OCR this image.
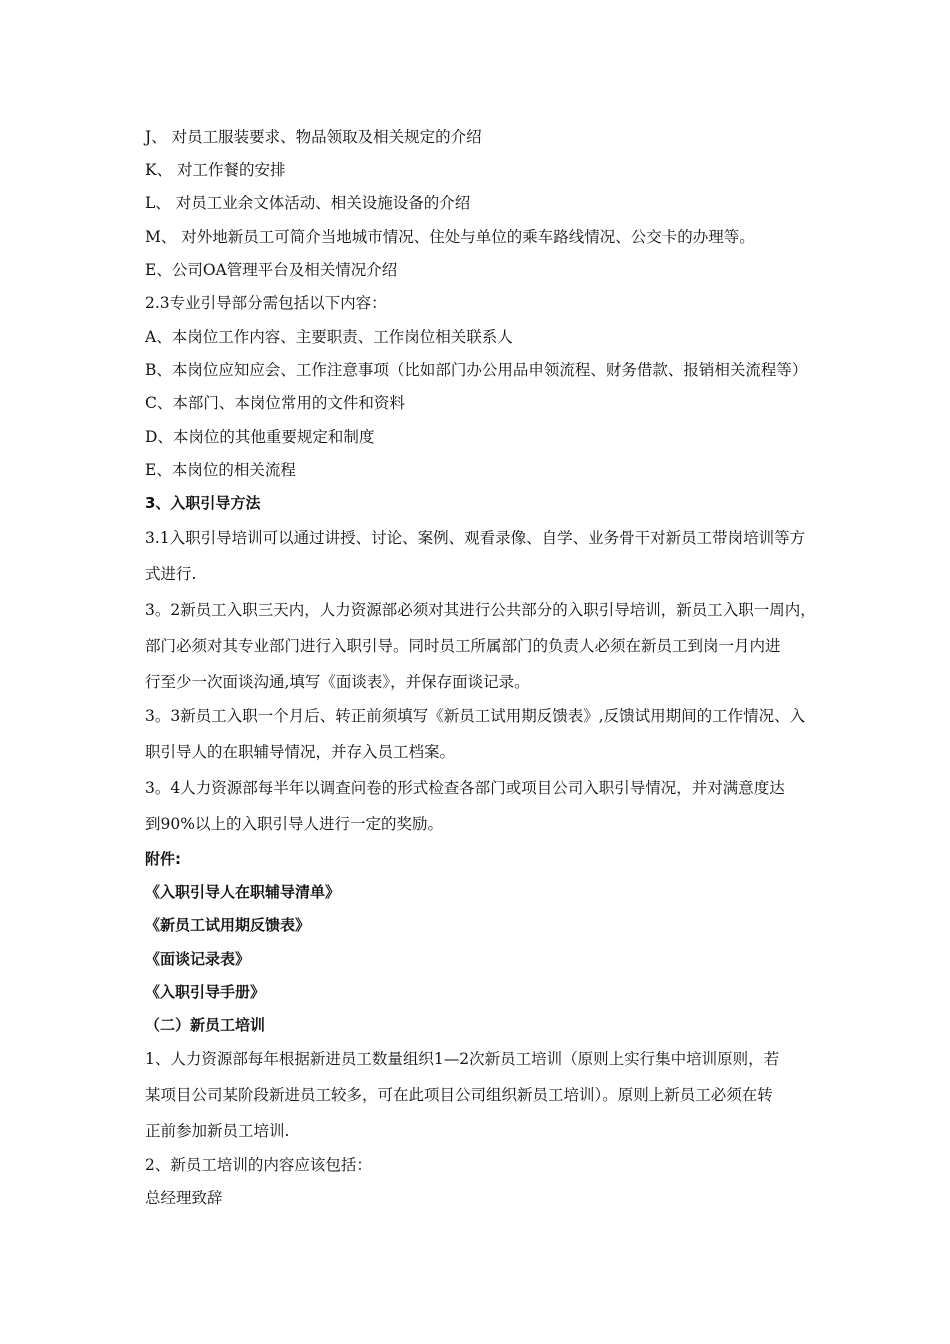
J、 对员工服装要求、物品领取及相关规定的介绍
K、 对工作餐的安排
L、 对员工业余文体活动、相关设施设备的介绍
M、 对外地新员工可简介当地城市情况、住处与单位的乘车路线情况、公交卡的办理等。
E、公司OA管理平台及相关情况介绍
2.3专业引导部分需包括以下内容：
A、本岗位工作内容、主要职责、工作岗位相关联系人
B、本岗位应知应会、工作注意事项（比如部门办公用品申领流程、财务借款、报销相关流程等）
C、本部门、本岗位常用的文件和资料
D、本岗位的其他重要规定和制度
E、本岗位的相关流程
3、入职引导方法
3.1入职引导培训可以通过讲授、讨论、案例、观看录像、自学、业务骨干对新员工带岗培训等方
式进行.
3。2新员工入职三天内，人力资源部必须对其进行公共部分的入职引导培训，新员工入职一周内，
部门必须对其专业部门进行入职引导。同时员工所属部门的负责人必须在新员工到岗一月内进
行至少一次面谈沟通,填写《面谈表》，并保存面谈记录。
3。3新员工入职一个月后、转正前须填写《新员工试用期反馈表》,反馈试用期间的工作情况、入
职引导人的在职辅导情况，并存入员工档案。
3。4人力资源部每半年以调查问卷的形式检查各部门或项目公司入职引导情况，并对满意度达
到90%以上的入职引导人进行一定的奖励。
附件:
《入职引导人在职辅导清单》
《新员工试用期反馈表》
《面谈记录表》
《入职引导手册》
（二）新员工培训
1、人力资源部每年根据新进员工数量组织1—2次新员工培训（原则上实行集中培训原则，若
某项目公司某阶段新进员工较多，可在此项目公司组织新员工培训）。原则上新员工必须在转
正前参加新员工培训.
2、新员工培训的内容应该包括：
总经理致辞
